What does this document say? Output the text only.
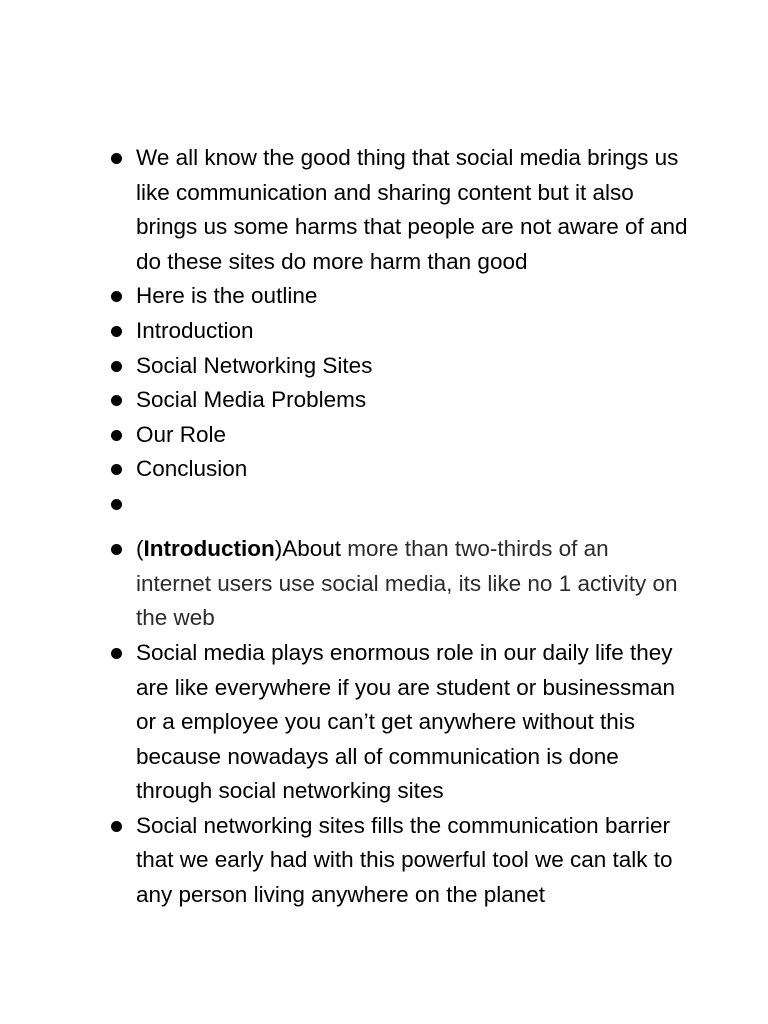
We all know the good thing that social media brings us like communication and sharing content but it also brings us some harms that people are not aware of and do these sites do more harm than good
Here is the outline
Introduction
Social Networking Sites
Social Media Problems
Our Role
Conclusion
(Introduction)About more than two-thirds of an internet users use social media, its like no 1 activity on the web
Social media plays enormous role in our daily life they are like everywhere if you are student or businessman or a employee you can’t get anywhere without this because nowadays all of communication is done through social networking sites
Social networking sites fills the communication barrier that we early had with this powerful tool we can talk to any person living anywhere on the planet
